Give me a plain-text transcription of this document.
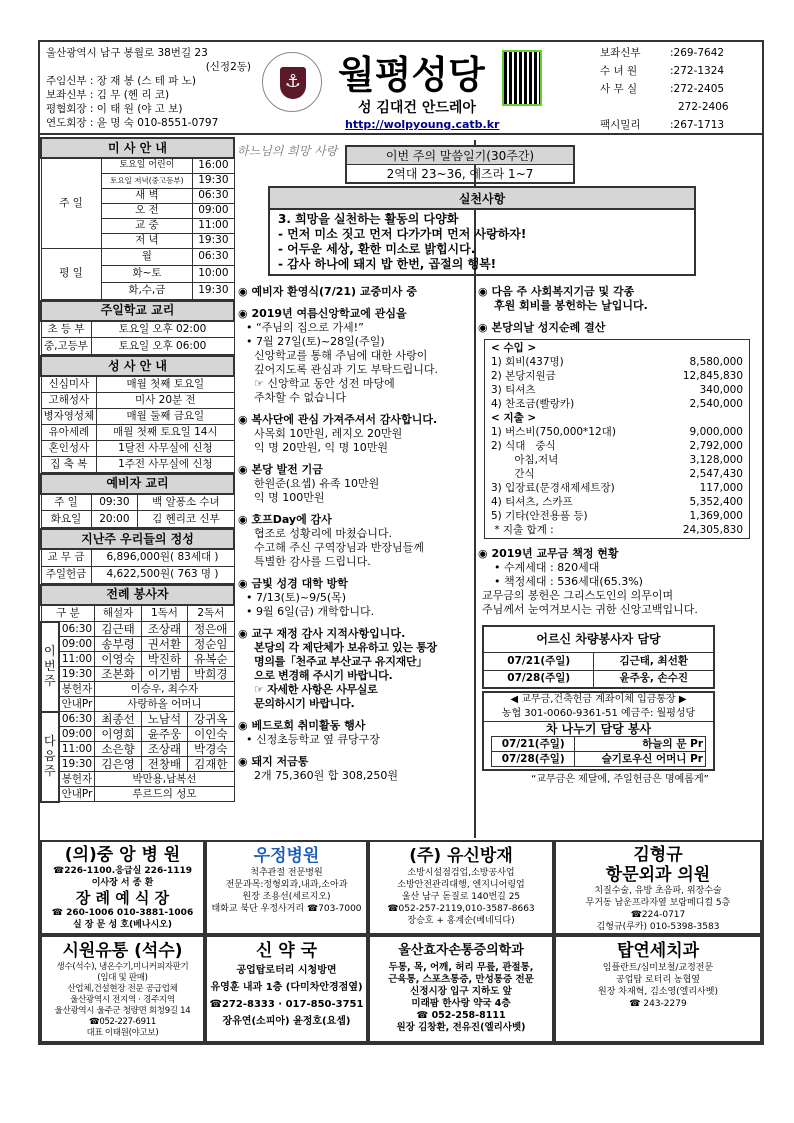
울산광역시 남구 봉월로 38번길 23
(신정2동)
주임신부 : 장 재 봉 (스 테 파 노)
보좌신부 : 김 무 (헨 리 코)
평협회장 : 이 태 원 (야 고 보)
연도회장 : 윤 명 숙 010-8551-0797
⚓ 월평성당
성 김대건 안드레아
http://wolpyoung.catb.kr
보좌신부	: 269-7642
수 녀 원	: 272-1324
사 무 실	: 272-2405
272-2406
팩시밀리	: 267-1713
미 사 안 내		
주 일	토요일 어린이	16:00
	토요일 저녁(중고등부)	19:30
	새 벽	06:30
	오 전	09:00
	교 중	11:00
	저 녁	19:30
평 일	월	06:30
	화~토	10:00
	화,수,금	19:30
주일학교 교리	
초 등 부	토요일 오후 02:00
중,고등부	토요일 오후 06:00
성 사 안 내	
신심미사	매월 첫째 토요일
고해성사	미사 20분 전
병자영성체	매월 둘째 금요일
유아세례	매월 첫째 토요일 14시
혼인성사	1달전 사무실에 신청
집 축 복	1주전 사무실에 신청
예비자 교리		
주 일	09:30	백 알퐁소 수녀
화요일	20:00	김 헨리코 신부
지난주 우리들의 정성	
교 무 금	6,896,000원( 83세대 )
주일헌금	4,622,500원( 763 명 )
전례 봉사자				
구 분		해설자	1독서	2독서
이번주	06:30	김근태	조상래	정은애
	09:00	송부령	권서환	정순임
	11:00	이영숙	박진하	유복순
	19:30	조본화	이기범	박희경
	봉헌자	이승우, 최수자		
	안내Pr	사랑하올 어머니		
다음주	06:30	최종선	노남석	강귀옥
	09:00	이영희	윤주웅	이인숙
	11:00	소은향	조상래	박경숙
	19:30	김은영	전창배	김재한
	봉헌자	박만용,남복선		
	안내Pr	루르드의 성모		
하느님의 희망 사랑	이번 주의 말씀일기(30주간)
2역대 23~36, 에즈라 1~7
실천사항
3. 희망을 실천하는 활동의 다양화
- 먼저 미소 짓고 먼저 다가가며 먼저 사랑하자!
- 어두운 세상, 환한 미소로 밝힙시다.
- 감사 하나에 돼지 밥 한번, 곱절의 행복!
◉ 예비자 환영식(7/21) 교중미사 중
◉ 2019년 여름신앙학교에 관심을
• “주님의 집으로 가세!”
• 7월 27일(토)~28일(주일)
신앙학교를 통해 주님에 대한 사랑이
깊어지도록 관심과 기도 부탁드립니다.
☞ 신앙학교 동안 성전 마당에
주차할 수 없습니다
◉ 복사단에 관심 가져주셔서 감사합니다.
사목회 10만원, 레지오 20만원
익 명 20만원, 익 명 10만원
◉ 본당 발전 기금
한원준(요셉) 유족 10만원
익 명 100만원
◉ 호프Day에 감사
협조로 성황리에 마쳤습니다.
수고해 주신 구역장님과 반장님들께
특별한 감사를 드립니다.
◉ 금빛 성경 대학 방학
• 7/13(토)~9/5(목)
• 9월 6일(금) 개학합니다.
◉ 교구 재정 감사 지적사항입니다.
본당의 각 제단체가 보유하고 있는 통장
명의를「천주교 부산교구 유지재단」
으로 변경해 주시기 바랍니다.
☞ 자세한 사항은 사무실로
문의하시기 바랍니다.
◉ 베드로회 취미활동 행사
• 신정초등학교 옆 큐당구장
◉ 돼지 저금통
2개 75,360원 합 308,250원
◉ 다음 주 사회복지기금 및 각종
후원 회비를 봉헌하는 날입니다.
◉ 본당의날 성지순례 결산
< 수입 >	
1) 회비(437명)	8,580,000
2) 본당지원금	12,845,830
3) 티셔츠	340,000
4) 찬조금(빨랑카)	2,540,000
< 지출 >	
1) 버스비(750,000*12대)	9,000,000
2) 식대   중식	2,792,000
아침,저녁	3,128,000
간식	2,547,430
3) 입장료(문경새제세트장)	117,000
4) 티셔츠, 스카프	5,352,400
5) 기타(안전용품 등)	1,369,000
* 지출 합계 :	24,305,830
◉ 2019년 교무금 책정 현황
• 수계세대 : 820세대
• 책정세대 : 536세대(65.3%)
교무금의 봉헌은 그리스도인의 의무이며
주님께서 눈여겨보시는 귀한 신앙고백입니다.
어르신 차량봉사자 담당	
07/21(주일)	김근태, 최선환
07/28(주일)	윤주웅, 손수진
◀ 교무금,건축헌금 계좌이체 입금통장 ▶
농협 301-0060-9361-51 예금주: 월평성당
차 나누기 담당 봉사
07/21(주일)	하늘의 문 Pr
07/28(주일)	슬기로우신 어머니 Pr
“교무금은 제달에, 주일헌금은 명예롭게”
(의)중 앙 병 원
☎226-1100.응급실 226-1119
이사장 서 종 환
장 례 예 식 장
☎ 260-1006 010-3881-1006
실 장 문 성 호(베나시오)
우정병원
척추관절 전문병원
전문과목:정형외과,내과,소아과
원장 조용선(세르지오)
태화교 북단 우정사거리 ☎703-7000
(주) 유신방재
소방시설점검업,소방공사업
소방안전관리대행, 엔지니어링업
울산 남구 돋질로 140번길 25
☎052-257-2119,010-3587-8663
장승호 + 홍계순(베네딕다)
김형규
항문외과 의원
치질수술, 유방 초음파, 위장수술
무거동 남운프라자옆 보람메디컬 5층
☎224-0717
김형규(루카) 010-5398-3583
시원유통 (석수)
생수(석수), 냉온수기,미니커피자판기
(임대 및 판매)
산업체,건설현장 전문 공급업체
울산광역시 전지역 · 경주지역
울산광역시 울주군 청량면 회청9길 14
☎052-227-6911
대표 이태원(야고보)
신 약 국
공업탑로터리 시청방면
유영훈 내과 1층 (다미차안경점옆)
☎272-8333 · 017-850-3751
장유연(소피아) 윤정호(요셉)
울산효자손통증의학과
두통, 목, 어깨, 허리 무릎, 관절통,
근육통, 스포츠통증, 만성통증 전문
신정시장 입구 지하도 앞
미래팜 한사랑 약국 4층
☎ 052-258-8111
원장 김창환, 전유진(엘리사벳)
탑연세치과
임플란트/심미보철/교정전문
공업탑 로터리 농협옆
원장 차재혁, 김소영(엘리사벳)
☎ 243-2279
